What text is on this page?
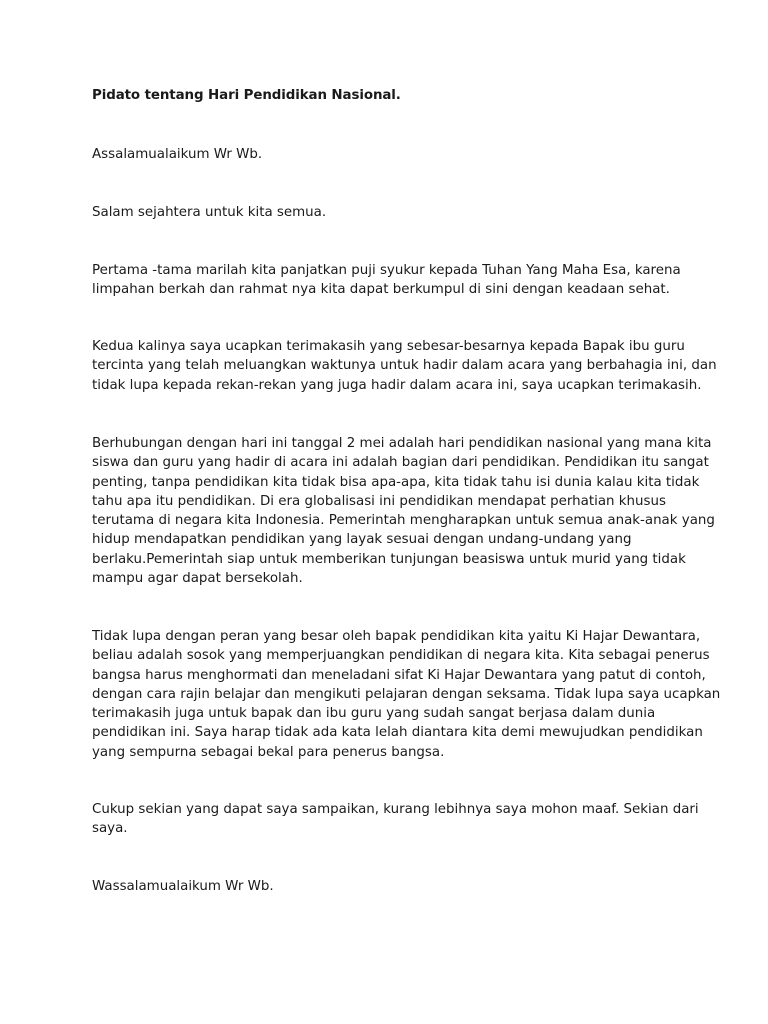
Pidato tentang Hari Pendidikan Nasional.

Assalamualaikum Wr Wb.

Salam sejahtera untuk kita semua.

Pertama -tama marilah kita panjatkan puji syukur kepada Tuhan Yang Maha Esa, karena
limpahan berkah dan rahmat nya kita dapat berkumpul di sini dengan keadaan sehat.

Kedua kalinya saya ucapkan terimakasih yang sebesar-besarnya kepada Bapak ibu guru
tercinta yang telah meluangkan waktunya untuk hadir dalam acara yang berbahagia ini, dan
tidak lupa kepada rekan-rekan yang juga hadir dalam acara ini, saya ucapkan terimakasih.

Berhubungan dengan hari ini tanggal 2 mei adalah hari pendidikan nasional yang mana kita
siswa dan guru yang hadir di acara ini adalah bagian dari pendidikan. Pendidikan itu sangat
penting, tanpa pendidikan kita tidak bisa apa-apa, kita tidak tahu isi dunia kalau kita tidak
tahu apa itu pendidikan. Di era globalisasi ini pendidikan mendapat perhatian khusus
terutama di negara kita Indonesia. Pemerintah mengharapkan untuk semua anak-anak yang
hidup mendapatkan pendidikan yang layak sesuai dengan undang-undang yang
berlaku.Pemerintah siap untuk memberikan tunjungan beasiswa untuk murid yang tidak
mampu agar dapat bersekolah.

Tidak lupa dengan peran yang besar oleh bapak pendidikan kita yaitu Ki Hajar Dewantara,
beliau adalah sosok yang memperjuangkan pendidikan di negara kita. Kita sebagai penerus
bangsa harus menghormati dan meneladani sifat Ki Hajar Dewantara yang patut di contoh,
dengan cara rajin belajar dan mengikuti pelajaran dengan seksama. Tidak lupa saya ucapkan
terimakasih juga untuk bapak dan ibu guru yang sudah sangat berjasa dalam dunia
pendidikan ini. Saya harap tidak ada kata lelah diantara kita demi mewujudkan pendidikan
yang sempurna sebagai bekal para penerus bangsa.

Cukup sekian yang dapat saya sampaikan, kurang lebihnya saya mohon maaf. Sekian dari
saya.

Wassalamualaikum Wr Wb.
